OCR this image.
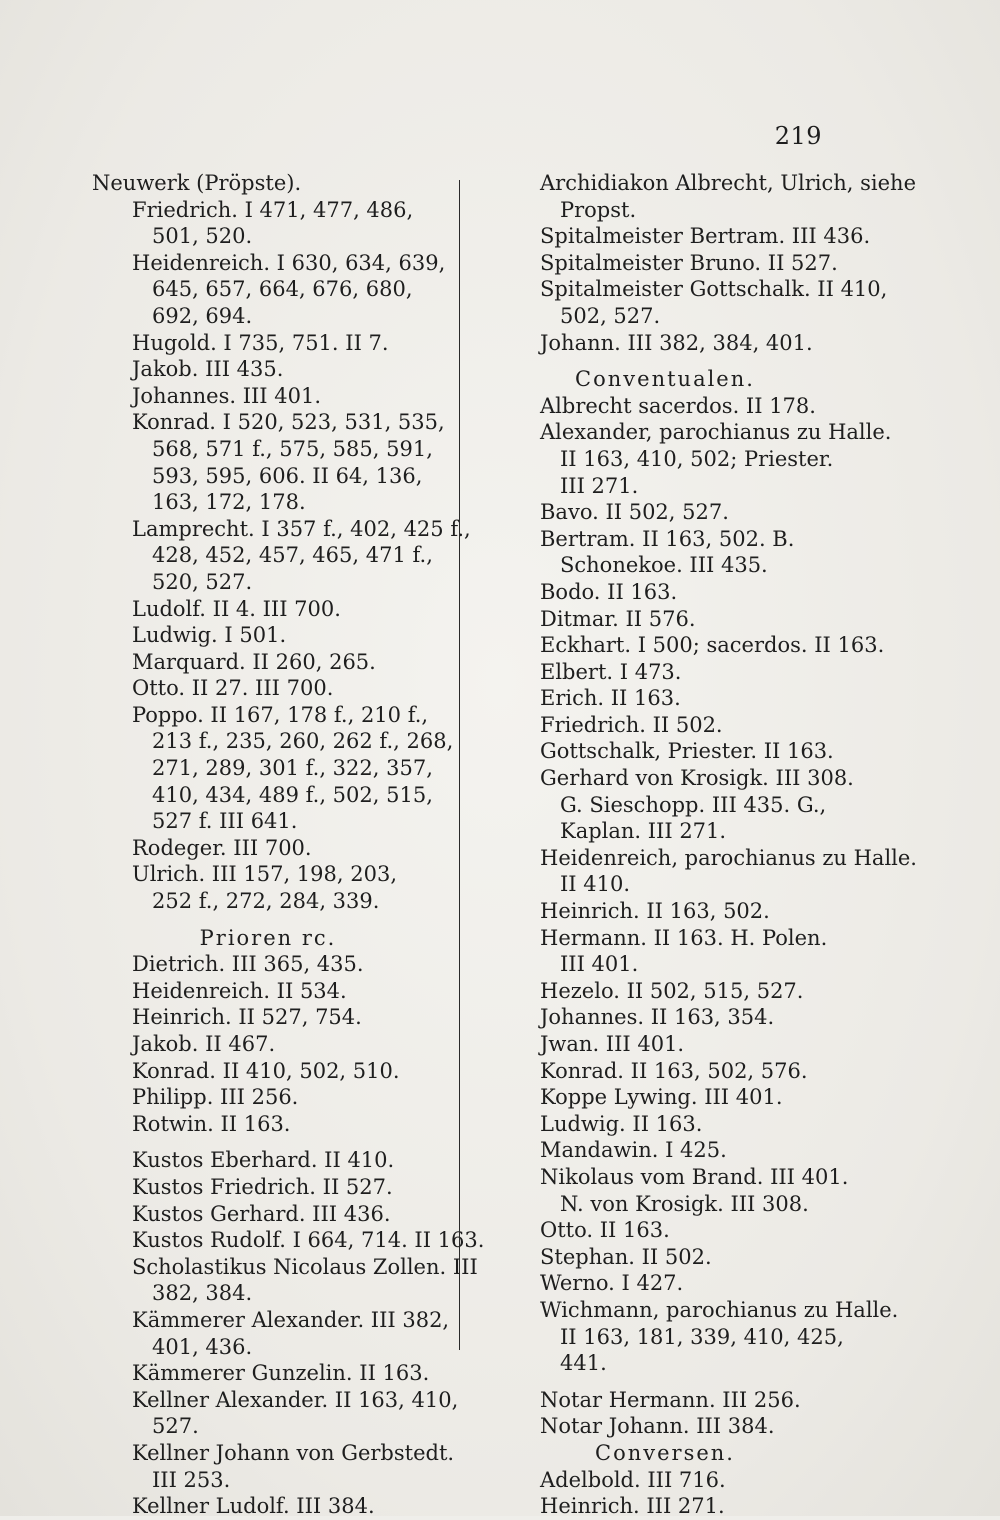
219
Neuwerk (Pröpste).
Friedrich. I 471, 477, 486,
501, 520.
Heidenreich. I 630, 634, 639,
645, 657, 664, 676, 680,
692, 694.
Hugold. I 735, 751. II 7.
Jakob. III 435.
Johannes. III 401.
Konrad. I 520, 523, 531, 535,
568, 571 f., 575, 585, 591,
593, 595, 606. II 64, 136,
163, 172, 178.
Lamprecht. I 357 f., 402, 425 f.,
428, 452, 457, 465, 471 f.,
520, 527.
Ludolf. II 4. III 700.
Ludwig. I 501.
Marquard. II 260, 265.
Otto. II 27. III 700.
Poppo. II 167, 178 f., 210 f.,
213 f., 235, 260, 262 f., 268,
271, 289, 301 f., 322, 357,
410, 434, 489 f., 502, 515,
527 f. III 641.
Rodeger. III 700.
Ulrich. III 157, 198, 203,
252 f., 272, 284, 339.
Prioren rc.
Dietrich. III 365, 435.
Heidenreich. II 534.
Heinrich. II 527, 754.
Jakob. II 467.
Konrad. II 410, 502, 510.
Philipp. III 256.
Rotwin. II 163.
Kustos Eberhard. II 410.
Kustos Friedrich. II 527.
Kustos Gerhard. III 436.
Kustos Rudolf. I 664, 714. II 163.
Scholastikus Nicolaus Zollen. III
382, 384.
Kämmerer Alexander. III 382,
401, 436.
Kämmerer Gunzelin. II 163.
Kellner Alexander. II 163, 410,
527.
Kellner Johann von Gerbstedt.
III 253.
Kellner Ludolf. III 384.
Archidiakon Albrecht, Ulrich, siehe
Propst.
Spitalmeister Bertram. III 436.
Spitalmeister Bruno. II 527.
Spitalmeister Gottschalk. II 410,
502, 527.
Johann. III 382, 384, 401.
Conventualen.
Albrecht sacerdos. II 178.
Alexander, parochianus zu Halle.
II 163, 410, 502; Priester.
III 271.
Bavo. II 502, 527.
Bertram. II 163, 502. B.
Schonekoe. III 435.
Bodo. II 163.
Ditmar. II 576.
Eckhart. I 500; sacerdos. II 163.
Elbert. I 473.
Erich. II 163.
Friedrich. II 502.
Gottschalk, Priester. II 163.
Gerhard von Krosigk. III 308.
G. Sieschopp. III 435. G.,
Kaplan. III 271.
Heidenreich, parochianus zu Halle.
II 410.
Heinrich. II 163, 502.
Hermann. II 163. H. Polen.
III 401.
Hezelo. II 502, 515, 527.
Johannes. II 163, 354.
Jwan. III 401.
Konrad. II 163, 502, 576.
Koppe Lywing. III 401.
Ludwig. II 163.
Mandawin. I 425.
Nikolaus vom Brand. III 401.
N. von Krosigk. III 308.
Otto. II 163.
Stephan. II 502.
Werno. I 427.
Wichmann, parochianus zu Halle.
II 163, 181, 339, 410, 425,
441.
Notar Hermann. III 256.
Notar Johann. III 384.
Conversen.
Adelbold. III 716.
Heinrich. III 271.
